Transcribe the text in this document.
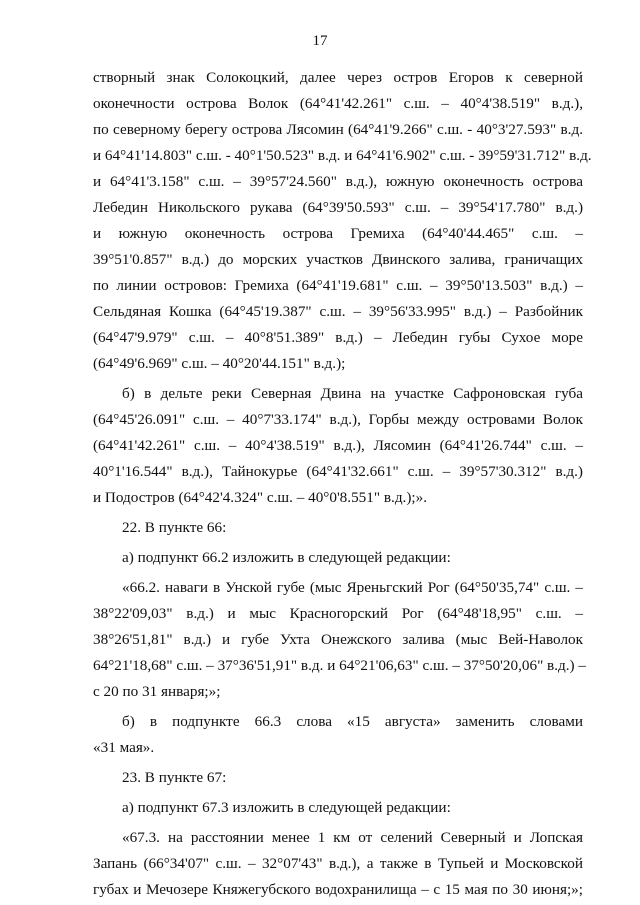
17
створный знак Солокоцкий, далее через остров Егоров к северной
оконечности острова Волок (64°41'42.261" с.ш. – 40°4'38.519" в.д.),
по северному берегу острова Лясомин (64°41'9.266" с.ш. - 40°3'27.593" в.д.
и 64°41'14.803" с.ш. - 40°1'50.523" в.д. и 64°41'6.902" с.ш. - 39°59'31.712" в.д.
и 64°41'3.158" с.ш. – 39°57'24.560" в.д.), южную оконечность острова
Лебедин Никольского рукава (64°39'50.593" с.ш. – 39°54'17.780" в.д.)
и южную оконечность острова Гремиха (64°40'44.465" с.ш. –
39°51'0.857" в.д.) до морских участков Двинского залива, граничащих
по линии островов: Гремиха (64°41'19.681" с.ш. – 39°50'13.503" в.д.) –
Сельдяная Кошка (64°45'19.387" с.ш. – 39°56'33.995" в.д.) – Разбойник
(64°47'9.979" с.ш. – 40°8'51.389" в.д.) – Лебедин губы Сухое море
(64°49'6.969" с.ш. – 40°20'44.151" в.д.);
б) в дельте реки Северная Двина на участке Сафроновская губа
(64°45'26.091" с.ш. – 40°7'33.174" в.д.), Горбы между островами Волок
(64°41'42.261" с.ш. – 40°4'38.519" в.д.), Лясомин (64°41'26.744" с.ш. –
40°1'16.544" в.д.), Тайнокурье (64°41'32.661" с.ш. – 39°57'30.312" в.д.)
и Подостров (64°42'4.324" с.ш. – 40°0'8.551" в.д.);».
22. В пункте 66:
а) подпункт 66.2 изложить в следующей редакции:
«66.2. наваги в Унской губе (мыс Яреньгский Рог (64°50'35,74" с.ш. –
38°22'09,03" в.д.) и мыс Красногорский Рог (64°48'18,95" с.ш. –
38°26'51,81" в.д.) и губе Ухта Онежского залива (мыс Вей-Наволок
64°21'18,68" с.ш. – 37°36'51,91" в.д. и 64°21'06,63" с.ш. – 37°50'20,06" в.д.) –
с 20 по 31 января;»;
б) в подпункте 66.3 слова «15 августа» заменить словами
«31 мая».
23. В пункте 67:
а) подпункт 67.3 изложить в следующей редакции:
«67.3. на расстоянии менее 1 км от селений Северный и Лопская
Запань (66°34'07" с.ш. – 32°07'43" в.д.), а также в Тупьей и Московской
губах и Мечозере Княжегубского водохранилища – с 15 мая по 30 июня;»;
